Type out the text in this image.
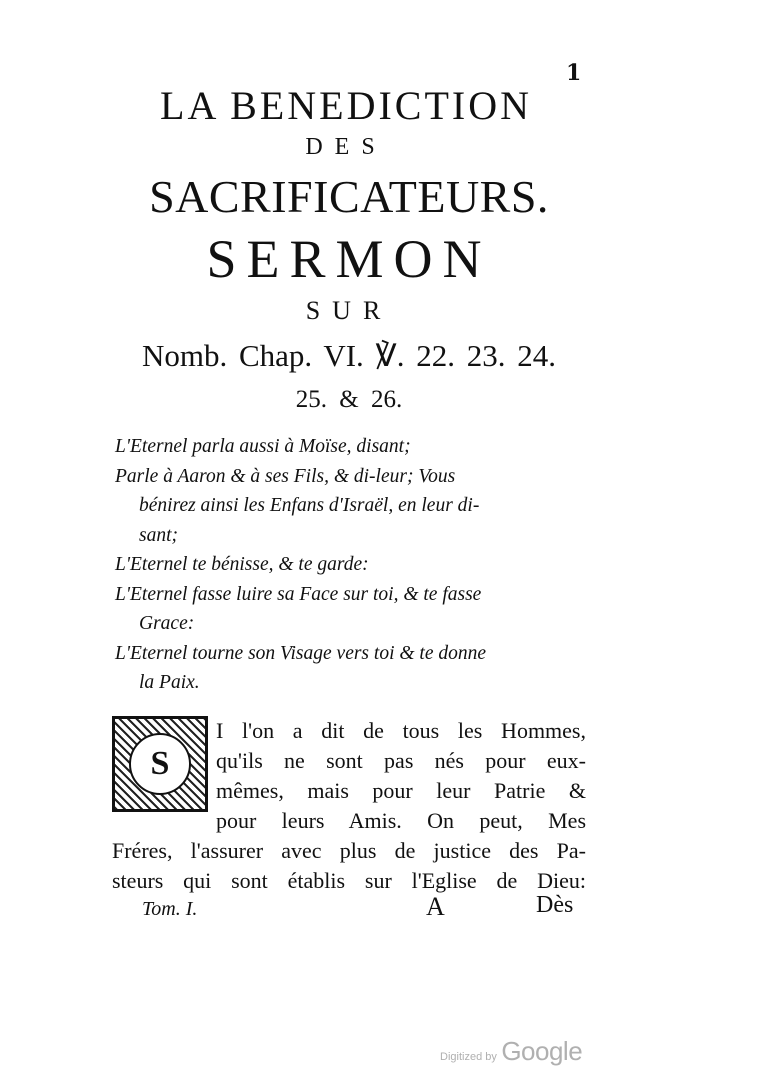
1
LA BENEDICTION
DES
SACRIFICATEURS.
SERMON
SUR
Nomb. Chap. VI. ℣. 22. 23. 24.
25. & 26.

L'Eternel parla aussi à Moïse, disant;

Parle à Aaron & à ses Fils, & di-leur; Vous

bénirez ainsi les Enfans d'Israël, en leur di-

sant;

L'Eternel te bénisse, & te garde:

L'Eternel fasse luire sa Face sur toi, & te fasse

Grace:

L'Eternel tourne son Visage vers toi & te donne

la Paix.

S

I l'on a dit de tous les Hommes,

qu'ils ne sont pas nés pour eux-

mêmes, mais pour leur Patrie &

pour leurs Amis. On peut, Mes

Fréres, l'assurer avec plus de justice des Pa-

steurs qui sont établis sur l'Eglise de Dieu:

Tom. I.	A	Dès
Digitized by Google
